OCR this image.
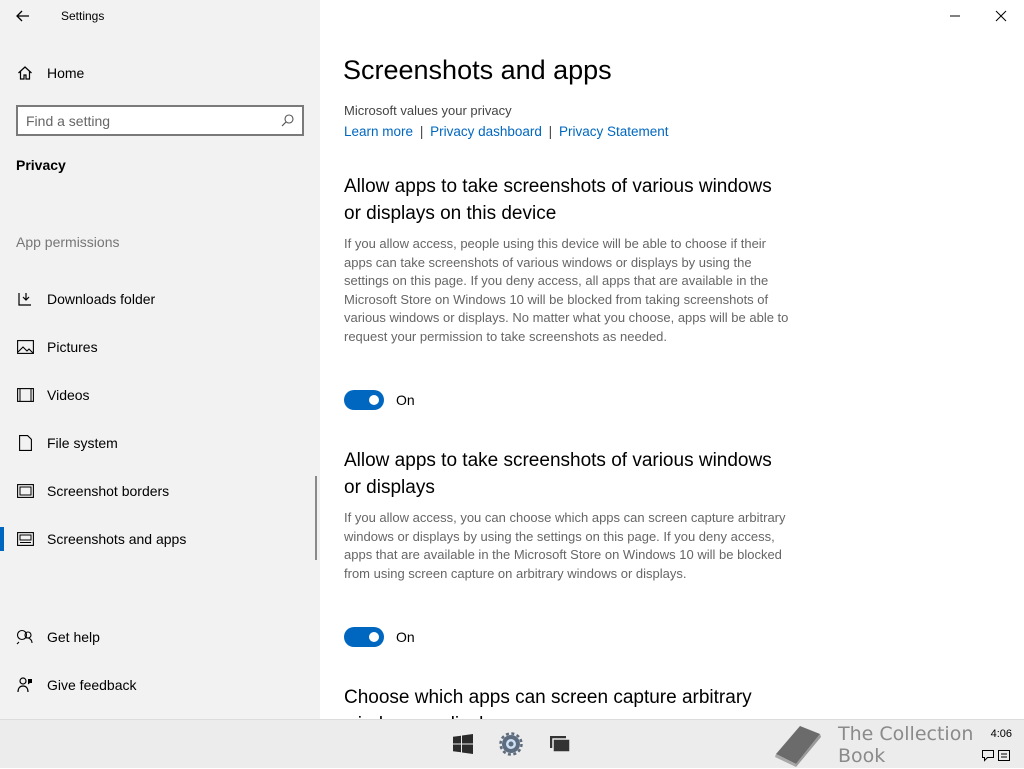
Settings
Home
Find a setting
Privacy
App permissions
Downloads folder
Pictures
Videos
File system
Screenshot borders
Screenshots and apps
Get help
Give feedback
Screenshots and apps
Microsoft values your privacy
Learn more | Privacy dashboard | Privacy Statement
Allow apps to take screenshots of various windows or displays on this device

If you allow access, people using this device will be able to choose if their apps can take screenshots of various windows or displays by using the settings on this page. If you deny access, all apps that are available in the Microsoft Store on Windows 10 will be blocked from taking screenshots of various windows or displays. No matter what you choose, apps will be able to request your permission to take screenshots as needed.

On
Allow apps to take screenshots of various windows or displays

If you allow access, you can choose which apps can screen capture arbitrary windows or displays by using the settings on this page. If you deny access, apps that are available in the Microsoft Store on Windows 10 will be blocked from using screen capture on arbitrary windows or displays.

On
Choose which apps can screen capture arbitrary
The Collection Book
4:06
